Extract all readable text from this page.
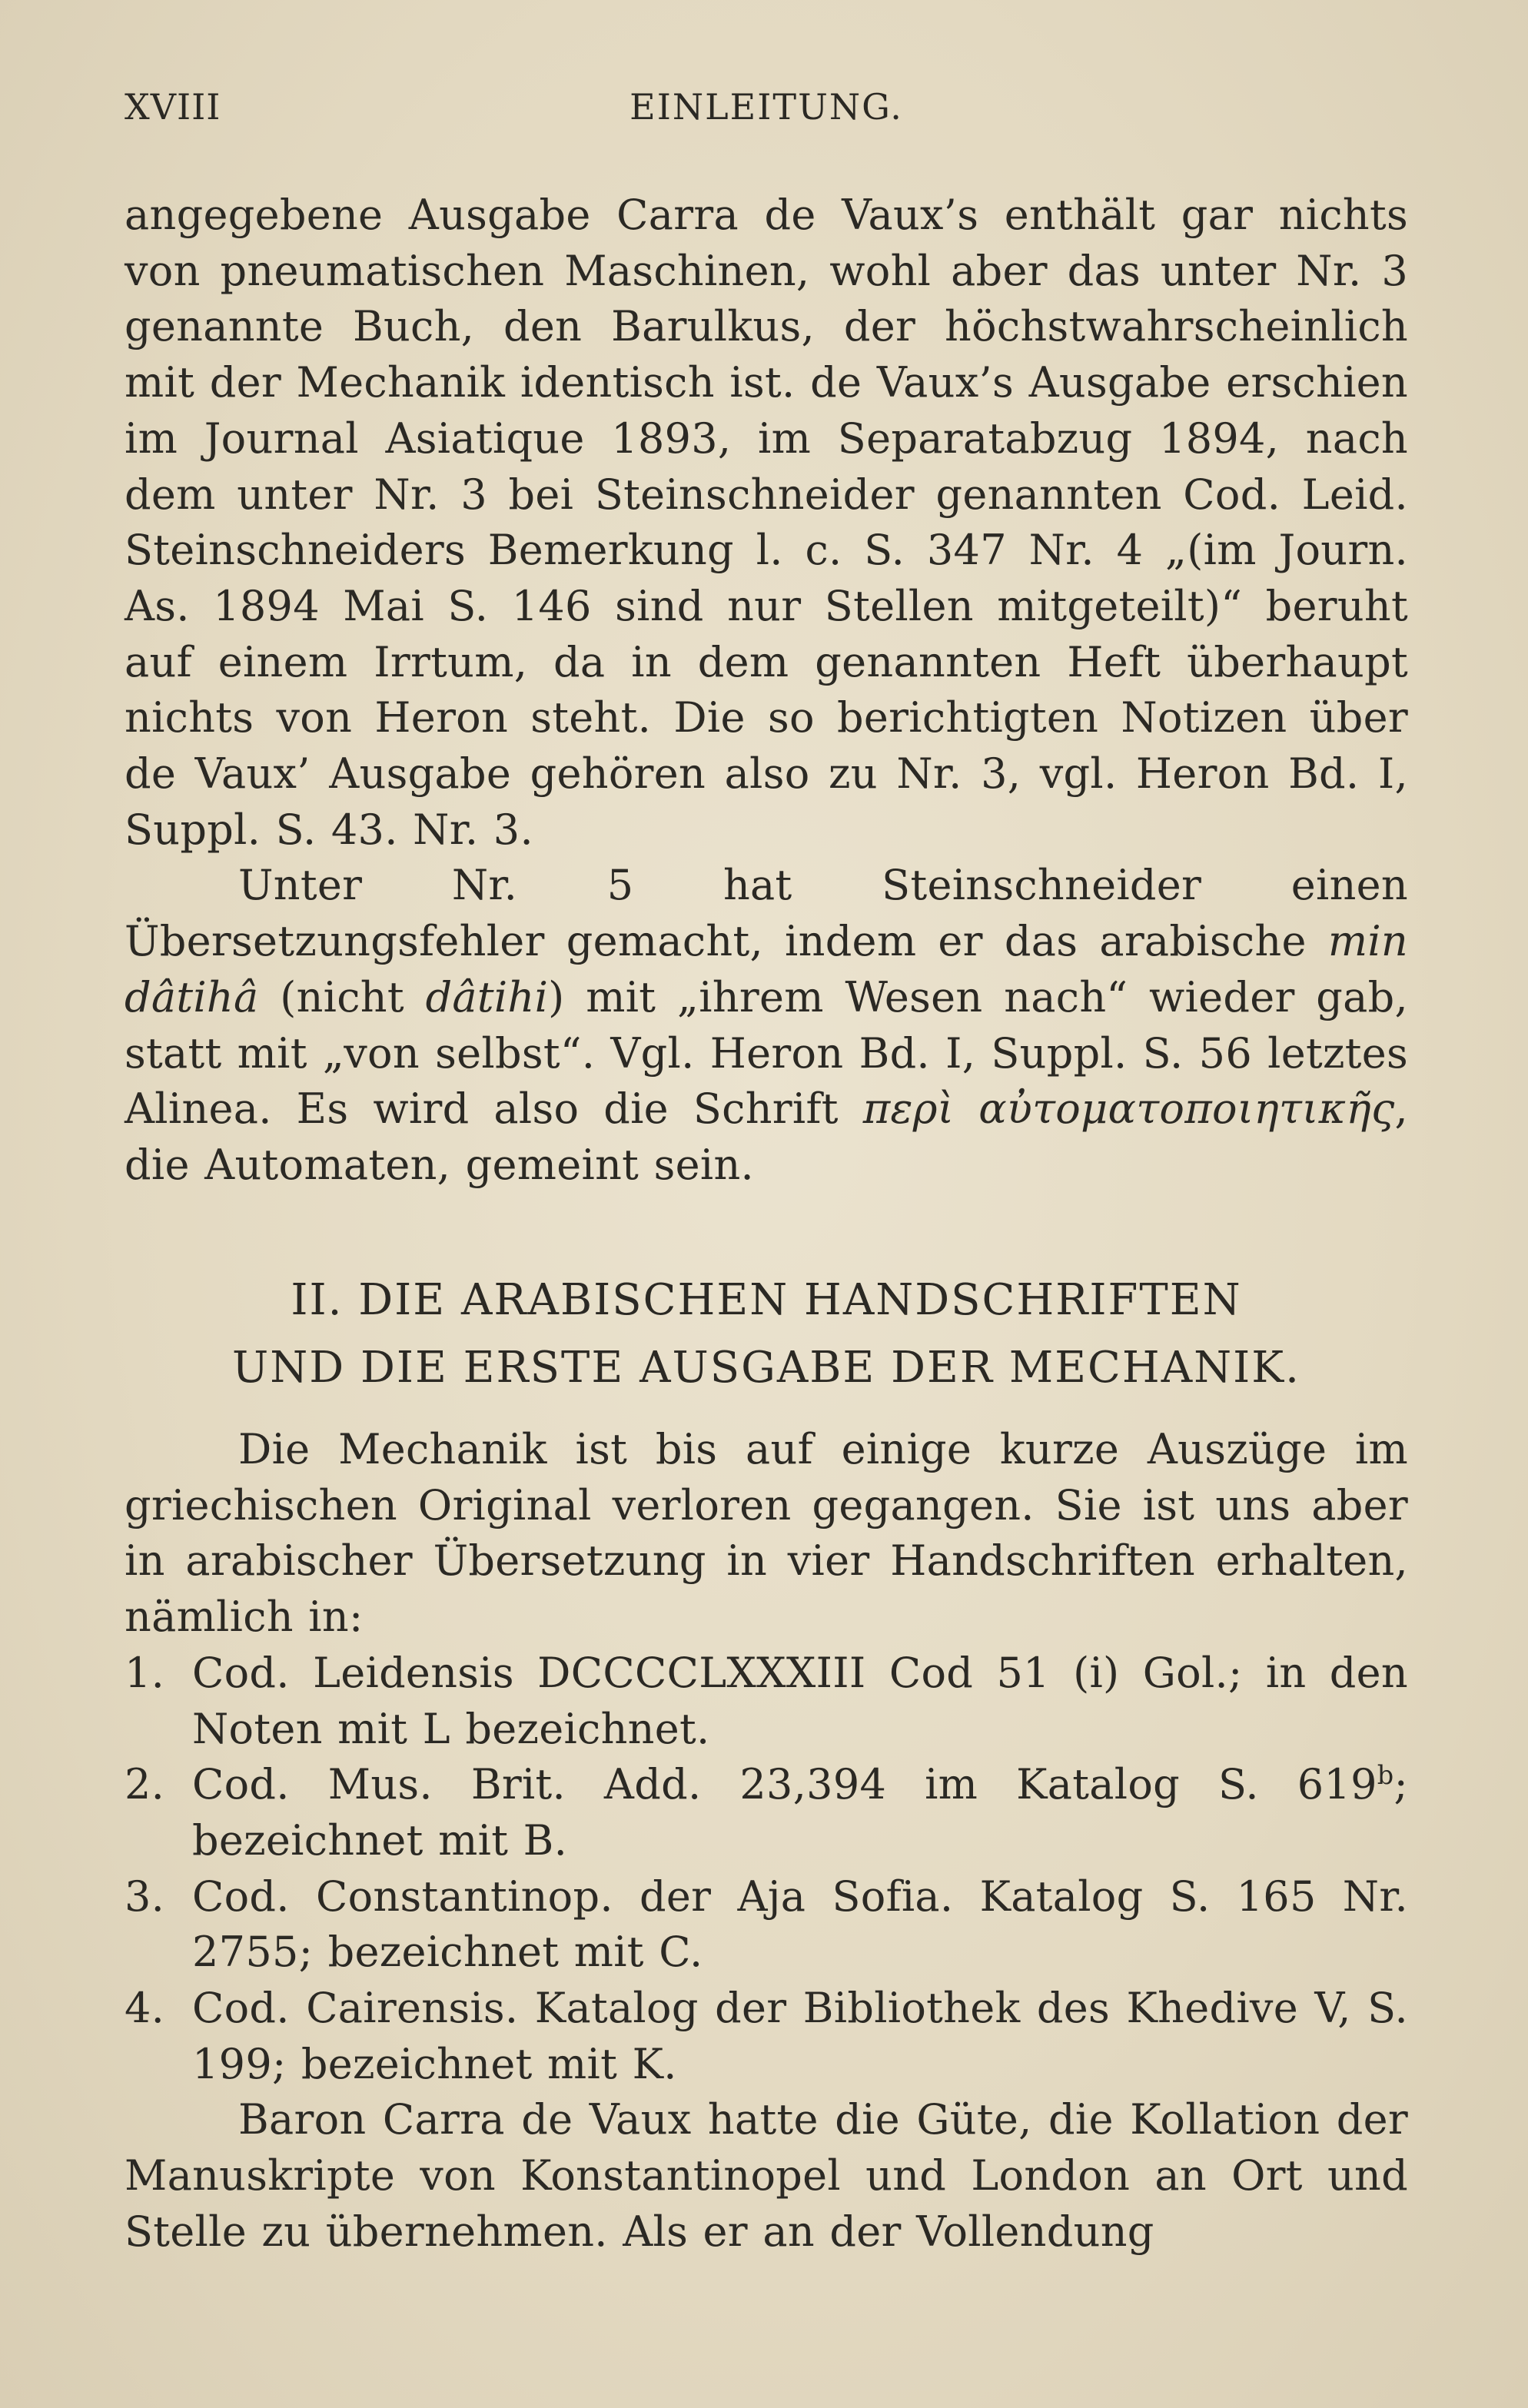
XVIII	EINLEITUNG.

angegebene Ausgabe Carra de Vaux’s enthält gar nichts von pneumatischen Maschinen, wohl aber das unter Nr. 3 genannte Buch, den Barulkus, der höchstwahrscheinlich mit der Mechanik identisch ist. de Vaux’s Ausgabe erschien im Journal Asiatique 1893, im Separatabzug 1894, nach dem unter Nr. 3 bei Steinschneider genannten Cod. Leid. Steinschneiders Bemerkung l. c. S. 347 Nr. 4 „(im Journ. As. 1894 Mai S. 146 sind nur Stellen mitgeteilt)“ beruht auf einem Irrtum, da in dem genannten Heft überhaupt nichts von Heron steht. Die so berichtigten Notizen über de Vaux’ Ausgabe gehören also zu Nr. 3, vgl. Heron Bd. I, Suppl. S. 43. Nr. 3.

Unter Nr. 5 hat Steinschneider einen Übersetzungsfehler gemacht, indem er das arabische min dâtihâ (nicht dâtihi) mit „ihrem Wesen nach“ wieder gab, statt mit „von selbst“. Vgl. Heron Bd. I, Suppl. S. 56 letztes Alinea. Es wird also die Schrift περὶ αὐτοματοποιητικῆς, die Automaten, gemeint sein.

II. DIE ARABISCHEN HANDSCHRIFTEN
UND DIE ERSTE AUSGABE DER MECHANIK.

Die Mechanik ist bis auf einige kurze Auszüge im griechischen Original verloren gegangen. Sie ist uns aber in arabischer Übersetzung in vier Handschriften erhalten, nämlich in:

1. Cod. Leidensis DCCCCLXXXIII Cod 51 (i) Gol.; in den Noten mit L bezeichnet.
2. Cod. Mus. Brit. Add. 23,394 im Katalog S. 619$^b$; bezeichnet mit B.
3. Cod. Constantinop. der Aja Sofia. Katalog S. 165 Nr. 2755; bezeichnet mit C.
4. Cod. Cairensis. Katalog der Bibliothek des Khedive V, S. 199; bezeichnet mit K.

Baron Carra de Vaux hatte die Güte, die Kollation der Manuskripte von Konstantinopel und London an Ort und Stelle zu übernehmen. Als er an der Vollendung
